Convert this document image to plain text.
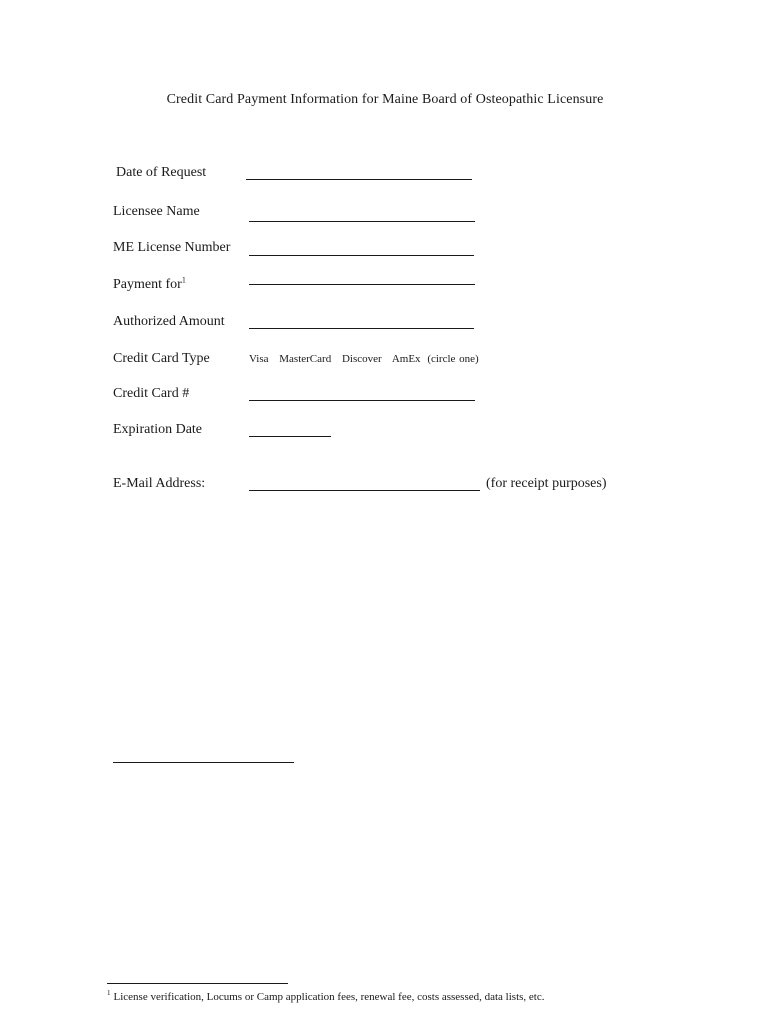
Credit Card Payment Information for Maine Board of Osteopathic Licensure
Date of Request
Licensee Name
ME License Number
Payment for$^1$
Authorized Amount
Credit Card Type	Visa MasterCard Discover AmEx (circle one)
Credit Card #
Expiration Date
E-Mail Address:	(for receipt purposes)
$^1$ License verification, Locums or Camp application fees, renewal fee, costs assessed, data lists, etc.
